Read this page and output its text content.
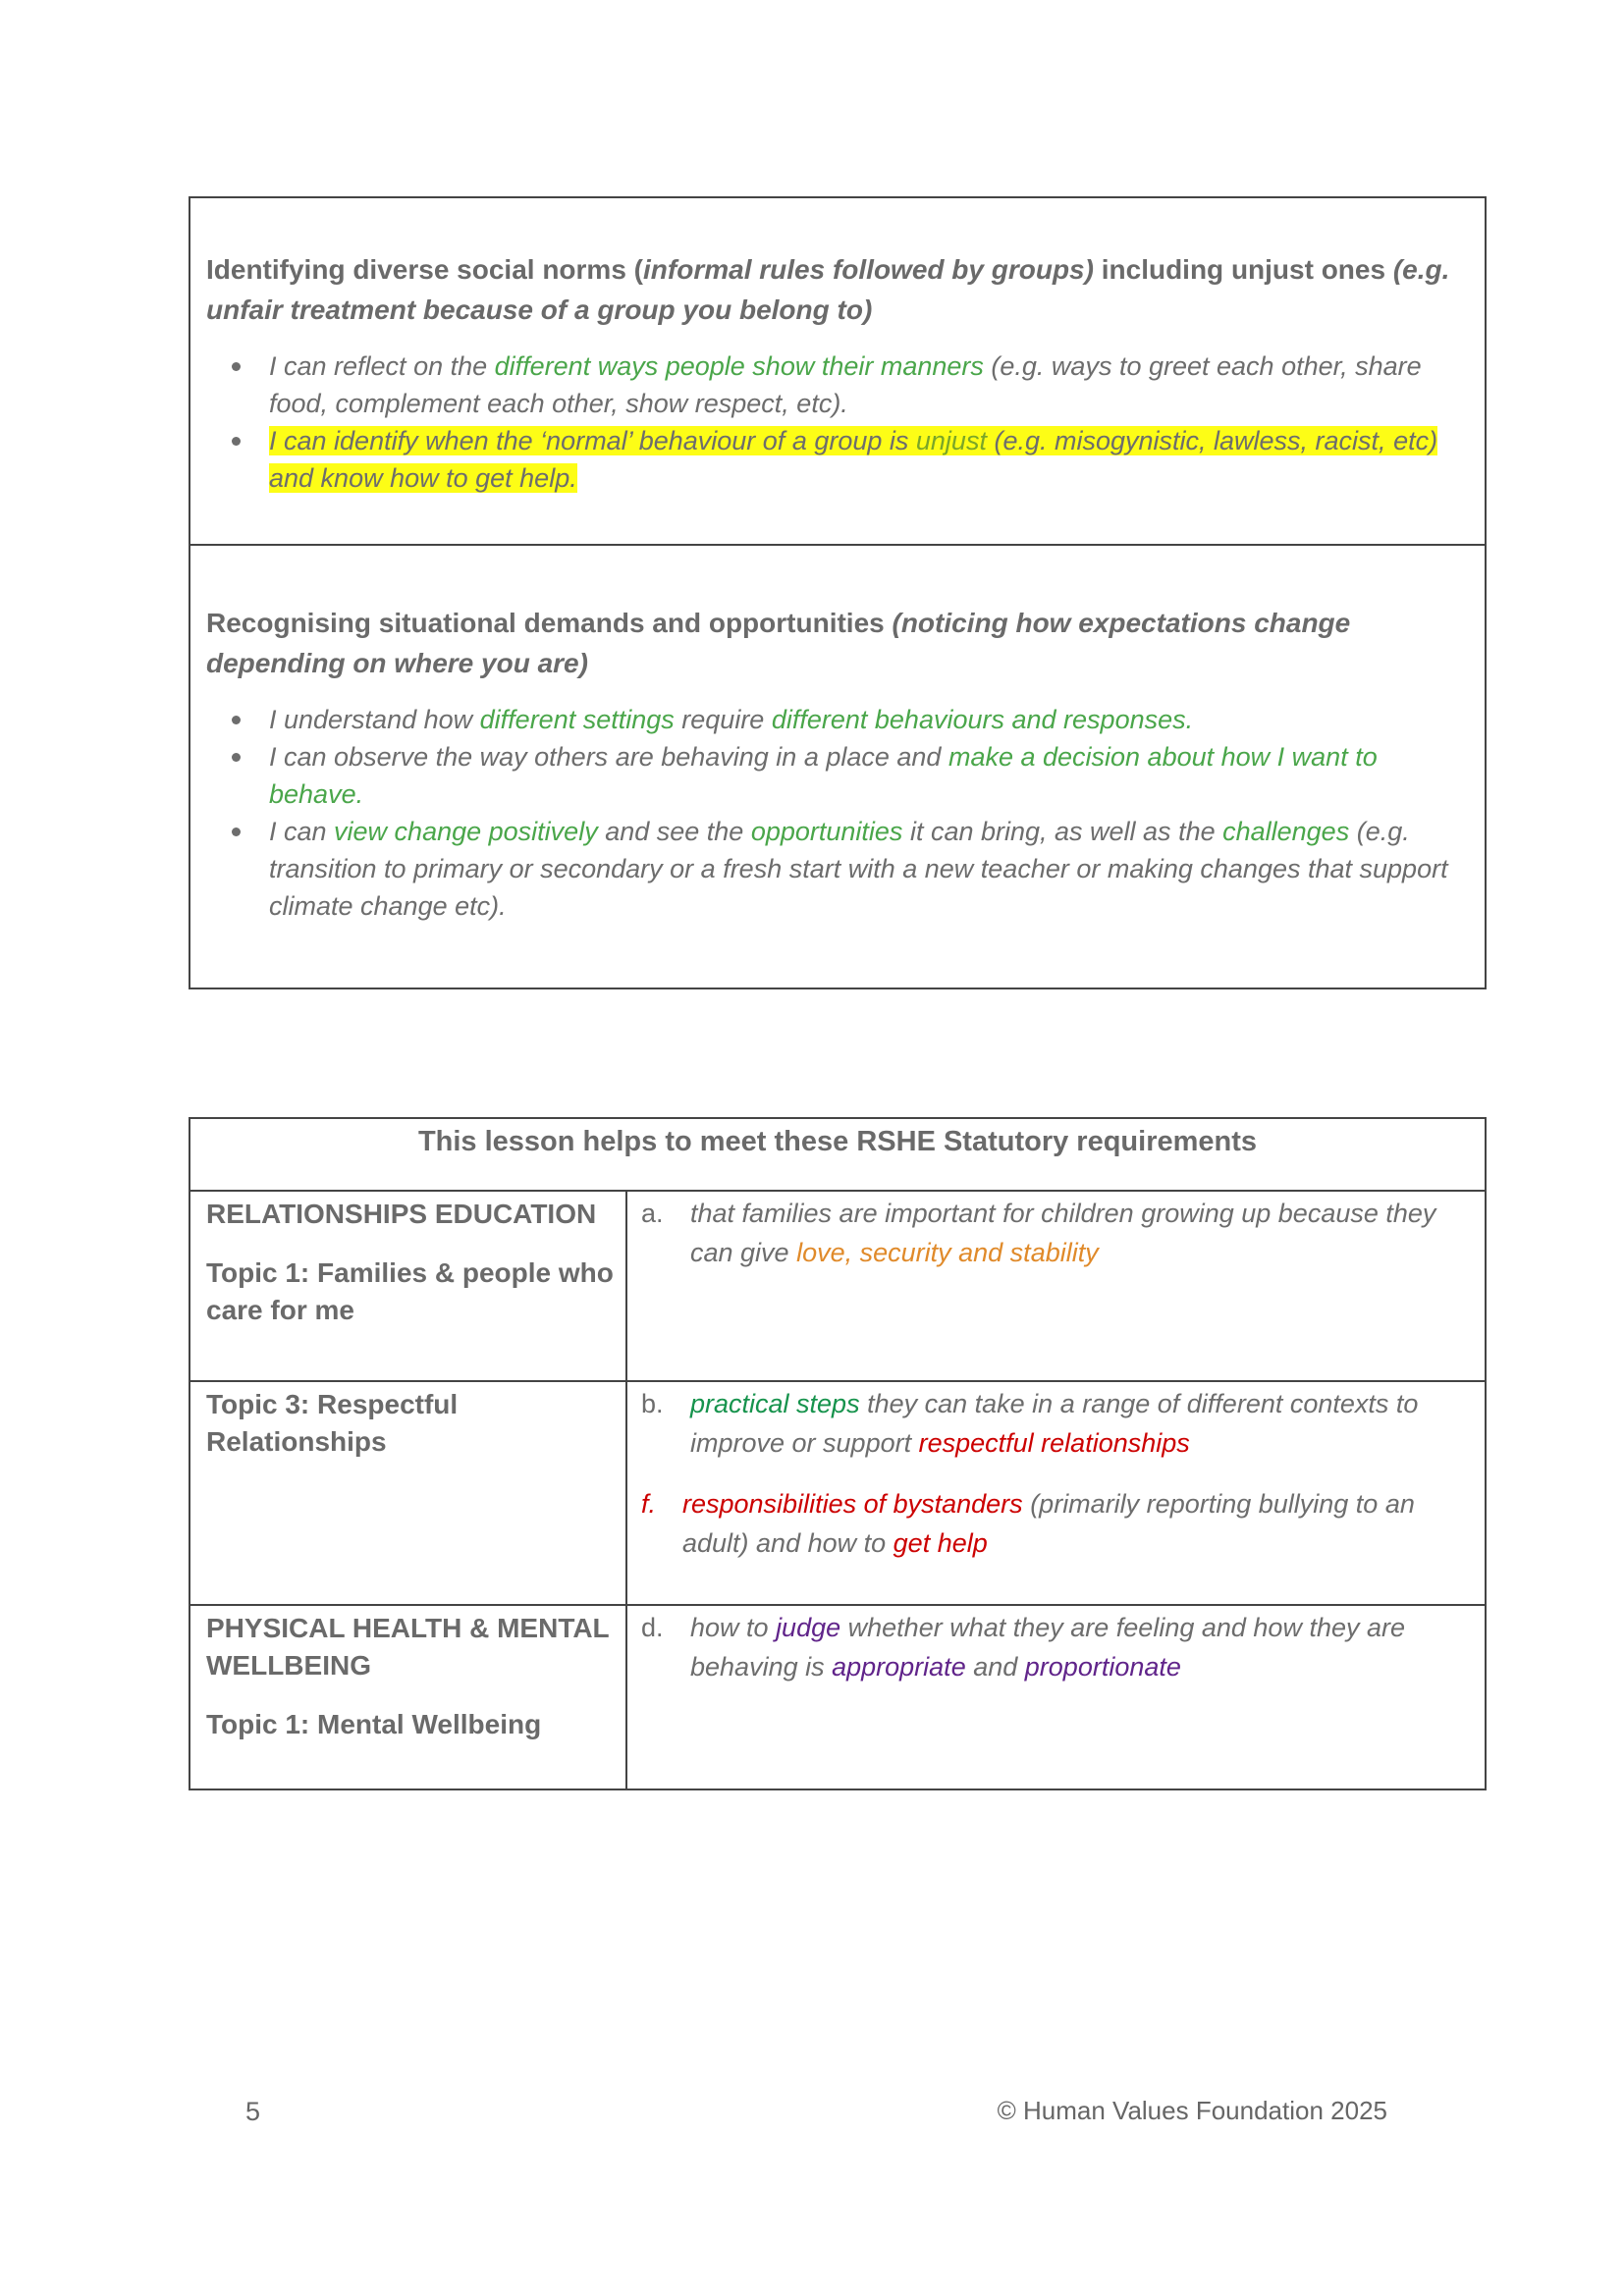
Identifying diverse social norms (informal rules followed by groups) including unjust ones (e.g. unfair treatment because of a group you belong to)

I can reflect on the different ways people show their manners (e.g. ways to greet each other, share food, complement each other, show respect, etc).
I can identify when the ‘normal’ behaviour of a group is unjust (e.g. misogynistic, lawless, racist, etc) and know how to get help.

Recognising situational demands and opportunities (noticing how expectations change depending on where you are)

I understand how different settings require different behaviours and responses.
I can observe the way others are behaving in a place and make a decision about how I want to behave.
I can view change positively and see the opportunities it can bring, as well as the challenges (e.g. transition to primary or secondary or a fresh start with a new teacher or making changes that support climate change etc).
This lesson helps to meet these RSHE Statutory requirements
RELATIONSHIPS EDUCATION
Topic 1: Families & people who care for me

a. that families are important for children growing up because they can give love, security and stability

Topic 3: Respectful Relationships

b. practical steps they can take in a range of different contexts to improve or support respectful relationships

f. responsibilities of bystanders (primarily reporting bullying to an adult) and how to get help

PHYSICAL HEALTH & MENTAL WELLBEING
Topic 1: Mental Wellbeing

d. how to judge whether what they are feeling and how they are behaving is appropriate and proportionate

5	© Human Values Foundation 2025
